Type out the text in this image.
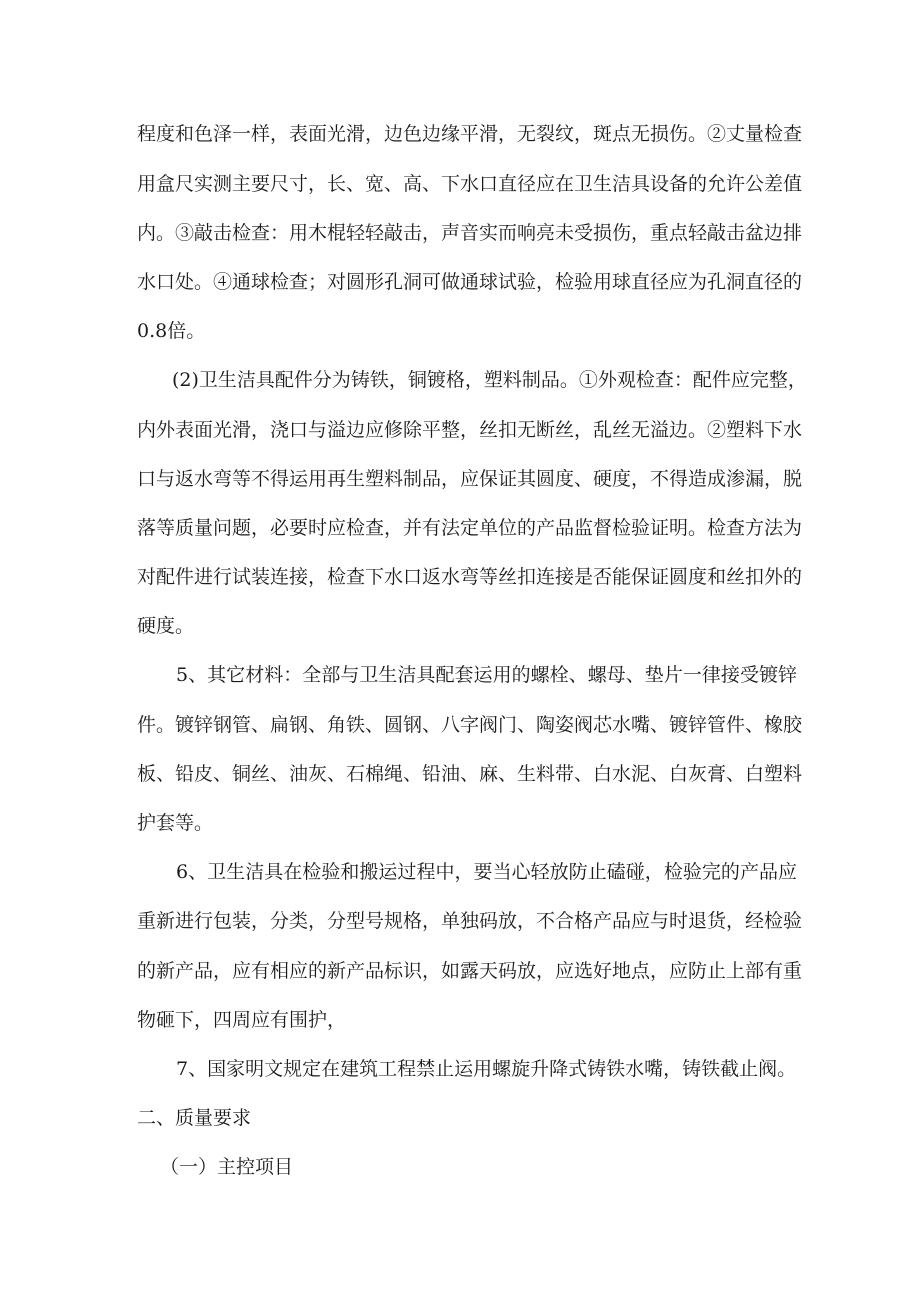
程度和色泽一样，表面光滑，边色边缘平滑，无裂纹，斑点无损伤。②丈量检查
用盒尺实测主要尺寸，长、宽、高、下水口直径应在卫生洁具设备的允许公差值
内。③敲击检查：用木棍轻轻敲击，声音实而响亮未受损伤，重点轻敲击盆边排
水口处。④通球检查；对圆形孔洞可做通球试验，检验用球直径应为孔洞直径的
0.8倍。
(2)卫生洁具配件分为铸铁，铜镀格，塑料制品。①外观检查：配件应完整，
内外表面光滑，浇口与溢边应修除平整，丝扣无断丝，乱丝无溢边。②塑料下水
口与返水弯等不得运用再生塑料制品，应保证其圆度、硬度，不得造成渗漏，脱
落等质量问题，必要时应检查，并有法定单位的产品监督检验证明。检查方法为
对配件进行试装连接，检查下水口返水弯等丝扣连接是否能保证圆度和丝扣外的
硬度。
5、其它材料：全部与卫生洁具配套运用的螺栓、螺母、垫片一律接受镀锌
件。镀锌钢管、扁钢、角铁、圆钢、八字阀门、陶姿阀芯水嘴、镀锌管件、橡胶
板、铅皮、铜丝、油灰、石棉绳、铅油、麻、生料带、白水泥、白灰膏、白塑料
护套等。
6、卫生洁具在检验和搬运过程中，要当心轻放防止磕碰，检验完的产品应
重新进行包装，分类，分型号规格，单独码放，不合格产品应与时退货，经检验
的新产品，应有相应的新产品标识，如露天码放，应选好地点，应防止上部有重
物砸下，四周应有围护，
7、国家明文规定在建筑工程禁止运用螺旋升降式铸铁水嘴，铸铁截止阀。
二、质量要求
（一）主控项目
